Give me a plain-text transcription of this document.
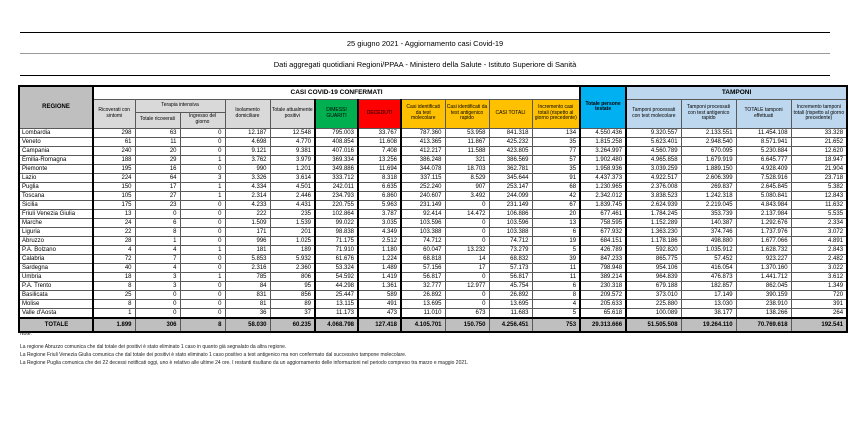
25 giugno 2021 - Aggiornamento casi Covid-19
Dati aggregati quotidiani Regioni/PPAA - Ministero della Salute - Istituto Superiore di Sanità
REGIONE	CASI COVID-19 CONFERMATI											Totale persone testate	TAMPONI			
	Ricoverati con sintomi	Terapia intensiva		Isolamento domiciliare	Totale attualmente positivi	DIMESSI GUARITI	DECEDUTI	Casi identificati da test molecolare	Casi identificati da test antigenico rapido	CASI TOTALI	Incremento casi totali (rispetto al giorno precedente)		Tamponi processati con test molecolare	Tamponi processati con test antigenico rapido	TOTALE tamponi effettuati	Incremento tamponi totali (rispetto al giorno precedente)
		Totale ricoverati	Ingresso del giorno													
Lombardia	298	63	0	12.187	12.548	795.003	33.767	787.360	53.958	841.318	134	4.550.436	9.320.557	2.133.551	11.454.108	33.328
Veneto	61	11	0	4.698	4.770	408.854	11.608	413.365	11.867	425.232	35	1.815.258	5.623.401	2.948.540	8.571.941	21.652
Campania	240	20	0	9.121	9.381	407.016	7.408	412.217	11.588	423.805	77	3.264.997	4.560.789	670.095	5.230.884	12.620
Emilia-Romagna	188	29	1	3.762	3.979	369.334	13.256	386.248	321	386.569	57	1.902.480	4.965.858	1.679.919	6.645.777	18.947
Piemonte	195	16	0	990	1.201	349.886	11.694	344.078	18.703	362.781	35	1.958.936	3.039.259	1.889.150	4.928.409	21.904
Lazio	224	64	3	3.326	3.614	333.712	8.318	337.115	8.529	345.644	91	4.437.373	4.922.517	2.606.399	7.528.916	23.718
Puglia	150	17	1	4.334	4.501	242.011	6.635	252.240	907	253.147	68	1.230.965	2.376.008	269.837	2.645.845	5.382
Toscana	105	27	1	2.314	2.446	234.793	6.860	240.607	3.492	244.099	42	2.342.012	3.838.523	1.242.318	5.080.841	12.843
Sicilia	175	23	0	4.233	4.431	220.755	5.963	231.149	0	231.149	67	1.839.745	2.624.939	2.219.045	4.843.984	11.632
Friuli Venezia Giulia	13	0	0	222	235	102.864	3.787	92.414	14.472	106.886	20	677.461	1.784.245	353.739	2.137.984	5.535
Marche	24	6	0	1.509	1.539	99.022	3.035	103.596	0	103.596	13	758.595	1.152.289	140.387	1.292.676	2.334
Liguria	22	8	0	171	201	98.838	4.349	103.388	0	103.388	6	677.932	1.363.230	374.746	1.737.976	3.072
Abruzzo	28	1	0	996	1.025	71.175	2.512	74.712	0	74.712	19	684.151	1.178.186	498.880	1.677.066	4.891
P.A. Bolzano	4	4	1	181	189	71.910	1.180	60.047	13.232	73.279	5	426.789	592.820	1.035.912	1.628.732	2.843
Calabria	72	7	0	5.853	5.932	61.676	1.224	68.818	14	68.832	39	847.233	865.775	57.452	923.227	2.482
Sardegna	40	4	0	2.316	2.360	53.324	1.489	57.156	17	57.173	11	798.948	954.106	416.054	1.370.160	3.022
Umbria	18	3	1	785	806	54.592	1.419	56.817	0	56.817	11	389.214	964.839	476.873	1.441.712	3.612
P.A. Trento	8	3	0	84	95	44.298	1.361	32.777	12.977	45.754	6	230.318	679.188	182.857	862.045	1.349
Basilicata	25	0	0	831	856	25.447	589	26.892	0	26.892	8	209.572	373.010	17.149	390.159	720
Molise	8	0	0	81	89	13.115	491	13.695	0	13.695	4	205.633	225.880	13.030	238.910	391
Valle d'Aosta	1	0	0	36	37	11.173	473	11.010	673	11.683	5	65.618	100.089	38.177	138.266	264
TOTALE	1.899	306	8	58.030	60.235	4.068.798	127.418	4.105.701	150.750	4.256.451	753	29.313.666	51.505.508	19.264.110	70.769.618	192.541
Note:
La regione Abruzzo comunica che dal totale dei positivi è stato eliminato 1 caso in quanto già segnalato da altra regione.
La Regione Friuli Venezia Giulia comunica che dal totale dei positivi è stato eliminato 1 caso positivo a test antigenico ma non confermato dal successivo tampone molecolare.
La Regione Puglia comunica che dei 22 decessi notificati oggi, uno è relativo alle ultime 24 ore. I restanti risultano da un aggiornamento delle informazioni nel periodo compreso tra marzo e maggio 2021.
